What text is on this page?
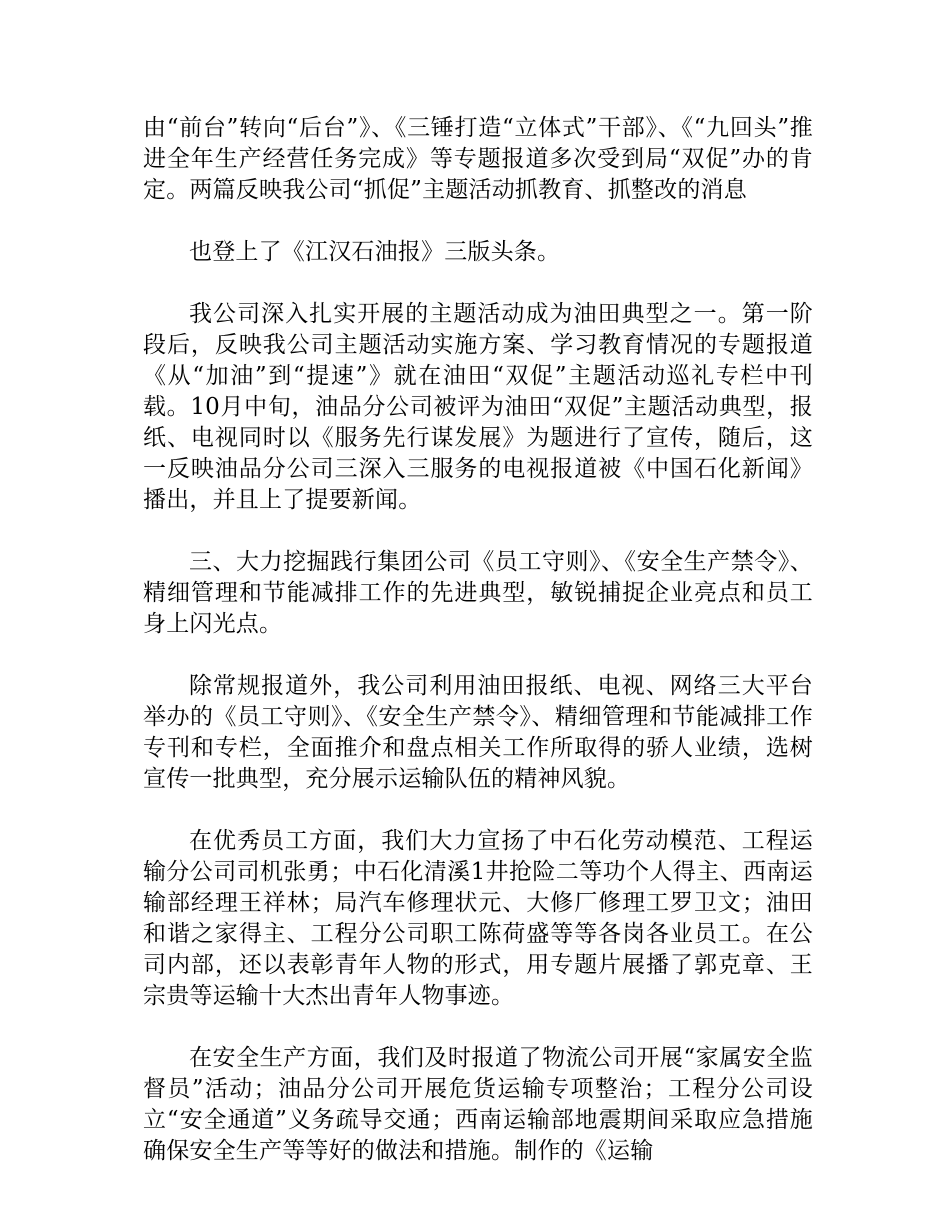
由“前台”转向“后台”》、《三锤打造“立体式”干部》、《“九回头”推进全年生产经营任务完成》等专题报道多次受到局“双促”办的肯定。两篇反映我公司“抓促”主题活动抓教育、抓整改的消息

也登上了《江汉石油报》三版头条。

我公司深入扎实开展的主题活动成为油田典型之一。第一阶段后，反映我公司主题活动实施方案、学习教育情况的专题报道《从“加油”到“提速”》就在油田“双促”主题活动巡礼专栏中刊载。10月中旬，油品分公司被评为油田“双促”主题活动典型，报纸、电视同时以《服务先行谋发展》为题进行了宣传，随后，这一反映油品分公司三深入三服务的电视报道被《中国石化新闻》播出，并且上了提要新闻。

三、大力挖掘践行集团公司《员工守则》、《安全生产禁令》、精细管理和节能减排工作的先进典型，敏锐捕捉企业亮点和员工身上闪光点。

除常规报道外，我公司利用油田报纸、电视、网络三大平台举办的《员工守则》、《安全生产禁令》、精细管理和节能减排工作专刊和专栏，全面推介和盘点相关工作所取得的骄人业绩，选树宣传一批典型，充分展示运输队伍的精神风貌。

在优秀员工方面，我们大力宣扬了中石化劳动模范、工程运输分公司司机张勇；中石化清溪1井抢险二等功个人得主、西南运输部经理王祥林；局汽车修理状元、大修厂修理工罗卫文；油田和谐之家得主、工程分公司职工陈荷盛等等各岗各业员工。在公司内部，还以表彰青年人物的形式，用专题片展播了郭克章、王宗贵等运输十大杰出青年人物事迹。

在安全生产方面，我们及时报道了物流公司开展“家属安全监督员”活动；油品分公司开展危货运输专项整治；工程分公司设立“安全通道”义务疏导交通；西南运输部地震期间采取应急措施确保安全生产等等好的做法和措施。制作的《运输
